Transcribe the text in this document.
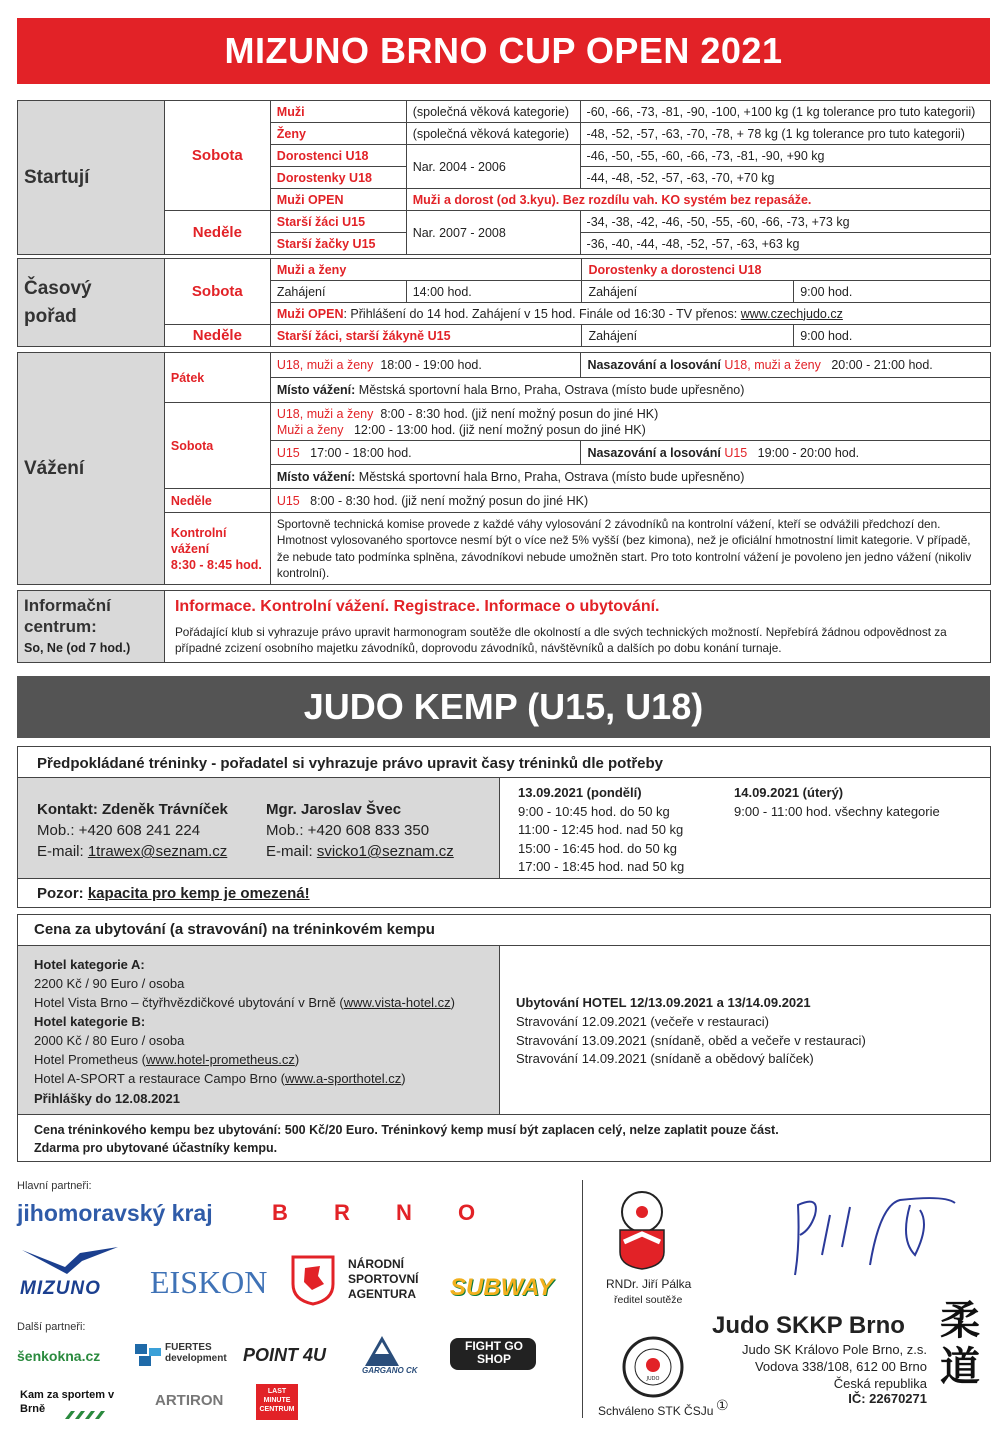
MIZUNO BRNO CUP OPEN 2021
Startují	Sobota	Muži	(společná věková kategorie)	-60, -66, -73, -81, -90, -100, +100 kg (1 kg tolerance pro tuto kategorii)
		Ženy	(společná věková kategorie)	-48, -52, -57, -63, -70, -78, + 78 kg (1 kg tolerance pro tuto kategorii)
		Dorostenci U18	Nar. 2004 - 2006	-46, -50, -55, -60, -66, -73, -81, -90, +90 kg
		Dorostenky U18		-44, -48, -52, -57, -63, -70, +70 kg
		Muži OPEN	Muži a dorost (od 3.kyu). Bez rozdílu vah. KO systém bez repasáže.	
	Neděle	Starší žáci U15	Nar. 2007 - 2008	-34, -38, -42, -46, -50, -55, -60, -66, -73, +73 kg
		Starší žačky U15		-36, -40, -44, -48, -52, -57, -63, +63 kg
Časový
pořad	Sobota	Muži a ženy		Dorostenky a dorostenci U18	
		Zahájení	14:00 hod.	Zahájení	9:00 hod.
		Muži OPEN: Přihlášení do 14 hod. Zahájení v 15 hod. Finále od 16:30 - TV přenos: www.czechjudo.cz			
	Neděle	Starší žáci, starší žákyně U15		Zahájení	9:00 hod.
Vážení	Pátek	U18, muži a ženy 18:00 - 19:00 hod.	Nasazování a losování U18, muži a ženy 20:00 - 21:00 hod.
		Místo vážení: Městská sportovní hala Brno, Praha, Ostrava (místo bude upřesněno)	
	Sobota	U18, muži a ženy 8:00 - 8:30 hod. (již není možný posun do jiné HK)
Muži a ženy 12:00 - 13:00 hod. (již není možný posun do jiné HK)	
		U15 17:00 - 18:00 hod.	Nasazování a losování U15 19:00 - 20:00 hod.
		Místo vážení: Městská sportovní hala Brno, Praha, Ostrava (místo bude upřesněno)	
	Neděle	U15 8:00 - 8:30 hod. (již není možný posun do jiné HK)	
	Kontrolní vážení
8:30 - 8:45 hod.	Sportovně technická komise provede z každé váhy vylosování 2 závodníků na kontrolní vážení, kteří se odvážili předchozí den. Hmotnost vylosovaného sportovce nesmí být o více než 5% vyšší (bez kimona), než je oficiální hmotnostní limit kategorie. V případě, že nebude tato podmínka splněna, závodníkovi nebude umožněn start. Pro toto kontrolní vážení je povoleno jen jedno vážení (nikoliv kontrolní).	
Informační
centrum:
So, Ne (od 7 hod.)	
Informace. Kontrolní vážení. Registrace. Informace o ubytování.
Pořádající klub si vyhrazuje právo upravit harmonogram soutěže dle okolností a dle svých technických možností. Nepřebírá žádnou odpovědnost za případné zcizení osobního majetku závodníků, doprovodu závodníků, návštěvníků a dalších po dobu konání turnaje.
JUDO KEMP (U15, U18)
Předpokládané tréninky - pořadatel si vyhrazuje právo upravit časy tréninků dle potřeby
Kontakt: Zdeněk Trávníček
Mob.: +420 608 241 224
E-mail: 1trawex@seznam.cz
Mgr. Jaroslav Švec
Mob.: +420 608 833 350
E-mail: svicko1@seznam.cz
13.09.2021 (pondělí)
9:00 - 10:45 hod. do 50 kg
11:00 - 12:45 hod. nad 50 kg
15:00 - 16:45 hod. do 50 kg
17:00 - 18:45 hod. nad 50 kg
14.09.2021 (úterý)
9:00 - 11:00 hod. všechny kategorie
Pozor: kapacita pro kemp je omezená!
Cena za ubytování (a stravování) na tréninkovém kempu
Hotel kategorie A:
2200 Kč / 90 Euro / osoba
Hotel Vista Brno – čtyřhvězdičkové ubytování v Brně (www.vista-hotel.cz)
Hotel kategorie B:
2000 Kč / 80 Euro / osoba
Hotel Prometheus (www.hotel-prometheus.cz)
Hotel A-SPORT a restaurace Campo Brno (www.a-sporthotel.cz)
Přihlášky do 12.08.2021
Ubytování HOTEL 12/13.09.2021 a 13/14.09.2021
Stravování 12.09.2021 (večeře v restauraci)
Stravování 13.09.2021 (snídaně, oběd a večeře v restauraci)
Stravování 14.09.2021 (snídaně a obědový balíček)
Cena tréninkového kempu bez ubytování: 500 Kč/20 Euro. Tréninkový kemp musí být zaplacen celý, nelze zaplatit pouze část.
Zdarma pro ubytované účastníky kempu.
Hlavní partneři:
jihomoravský kraj	B R N O
MIZUNO EISKON	NÁRODNÍ SPORTOVNÍ AGENTURA	SUBWAY
Další partneři:
šenkokna.cz
FUERTES development POINT 4U
GARGANO CK
FIGHT GO SHOP
Kam za sportem v Brně	ARTIRON
LAST MINUTE CENTRUM
RNDr. Jiří Pálka
ředitel soutěže
JUDO
Schváleno STK ČSJu ①
Judo SKKP Brno
Judo SK Královo Pole Brno, z.s.
Vodova 338/108, 612 00 Brno
Česká republika
IČ: 22670271
柔道
